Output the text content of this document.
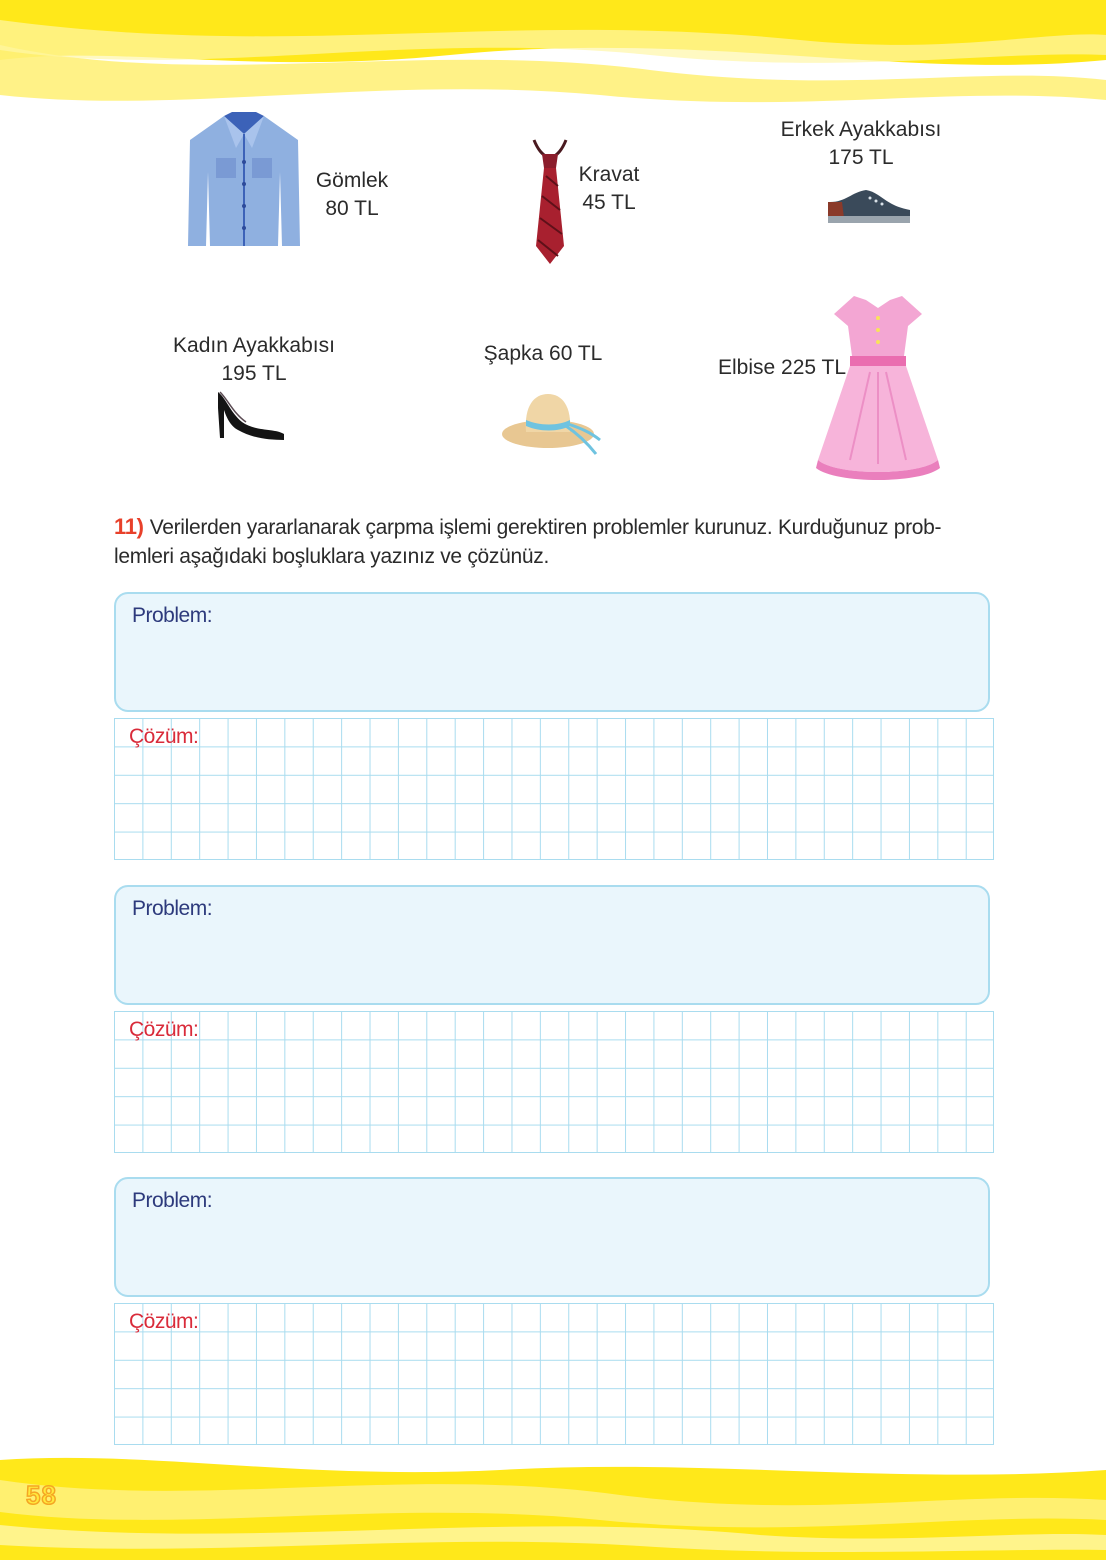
Gömlek
80 TL
Kravat
45 TL
Erkek Ayakkabısı
175 TL
Kadın Ayakkabısı
195 TL
Şapka 60 TL
Elbise 225 TL
11) Verilerden yararlanarak çarpma işlemi gerektiren problemler kurunuz. Kurduğunuz prob-lemleri aşağıdaki boşluklara yazınız ve çözünüz.
Problem:
Çözüm:
Problem:
Çözüm:
Problem:
Çözüm:
58
